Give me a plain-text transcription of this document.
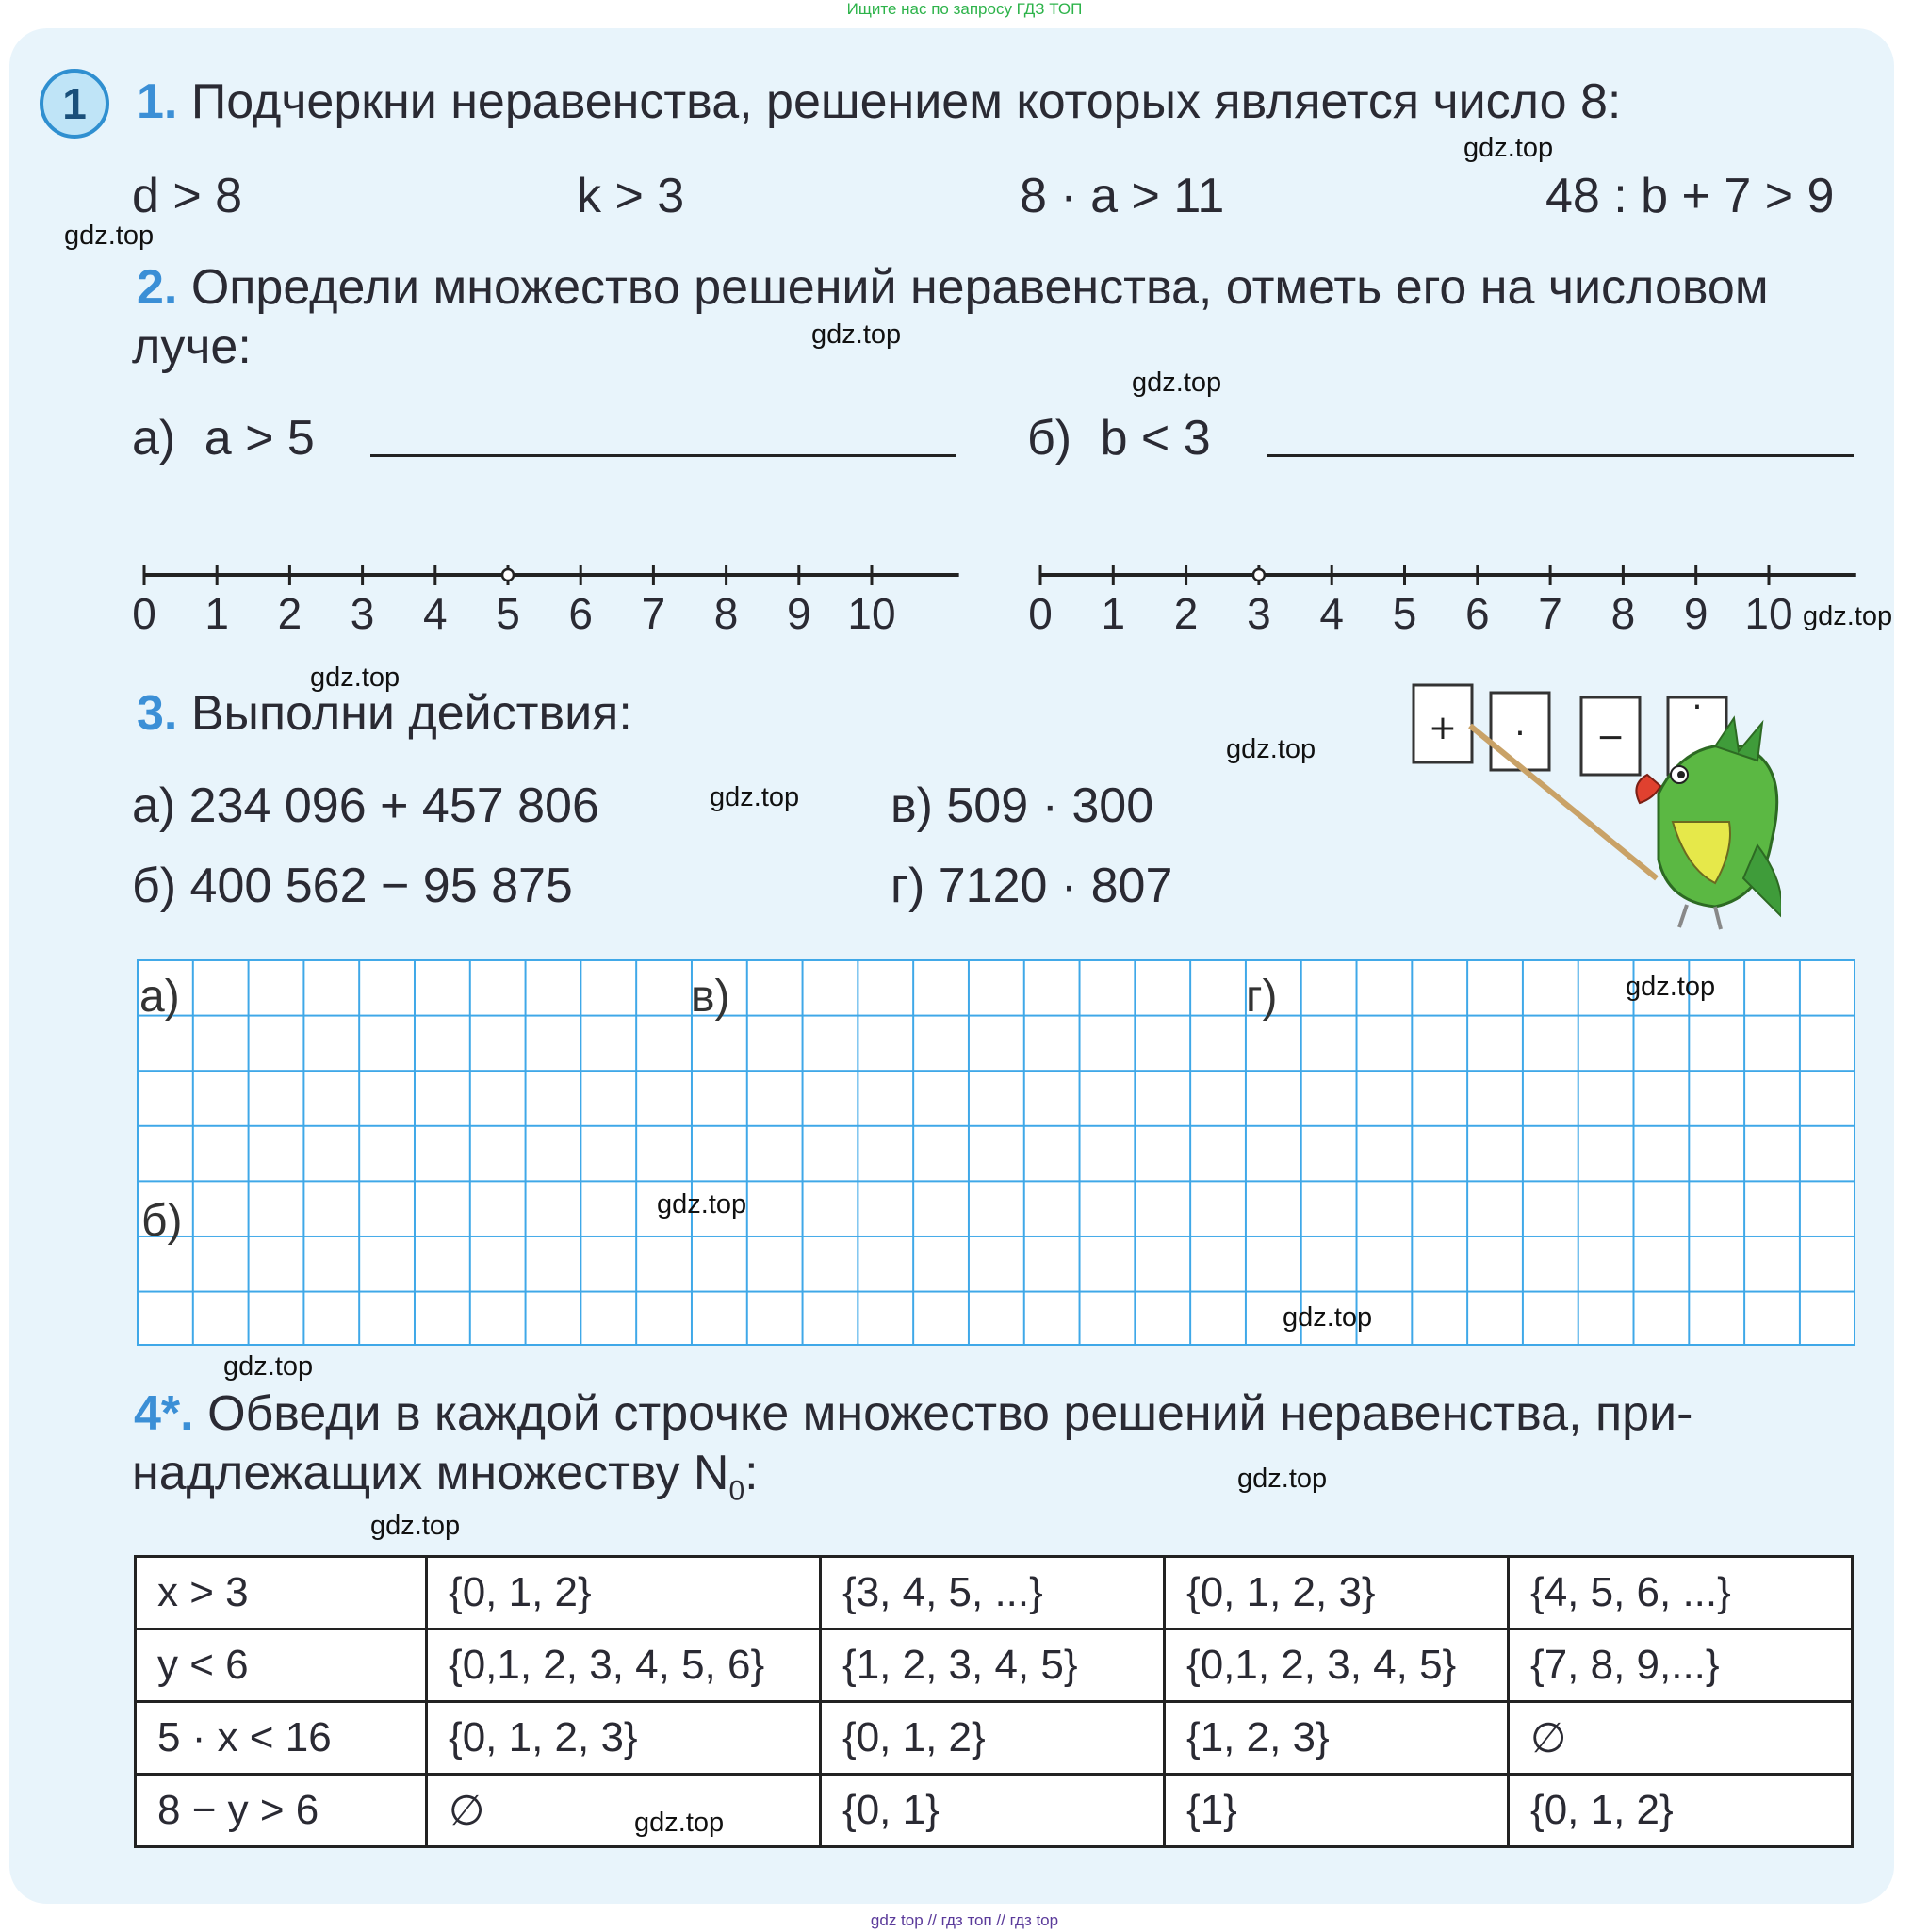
Ищите нас по запросу ГДЗ ТОП
1	1. Подчеркни неравенства, решением которых является число 8:
d > 8	k > 3	8 · a > 11	48 : b + 7 > 9
2. Определи множество решений неравенства, отметь его на числовом
луче:
а) a > 5	б) b < 3
0 1 2 3 4 5 6 7 8 9 10	0 1 2 3 4 5 6 7 8 9 10
3. Выполни действия:
а) 234 096 + 457 806
б) 400 562 − 95 875
в) 509 · 300
г) 7120 · 807
+ · −
·
а)	в)	г)
б)
4*. Обведи в каждой строчке множество решений неравенства, при-
надлежащих множеству $N_0$:
x > 3	{0, 1, 2}	{3, 4, 5, ...}	{0, 1, 2, 3}	{4, 5, 6, ...}
y < 6	{0,1, 2, 3, 4, 5, 6}	{1, 2, 3, 4, 5}	{0,1, 2, 3, 4, 5}	{7, 8, 9,...}
5 · x < 16	{0, 1, 2, 3}	{0, 1, 2}	{1, 2, 3}	∅
8 − y > 6	∅	{0, 1}	{1}	{0, 1, 2}
gdz.top
gdz.top
gdz.top
gdz.top
gdz.top
gdz.top
gdz.top
gdz.top
gdz.top
gdz.top
gdz.top
gdz.top
gdz.top
gdz.top
gdz.top
gdz top // гдз топ // гдз top
